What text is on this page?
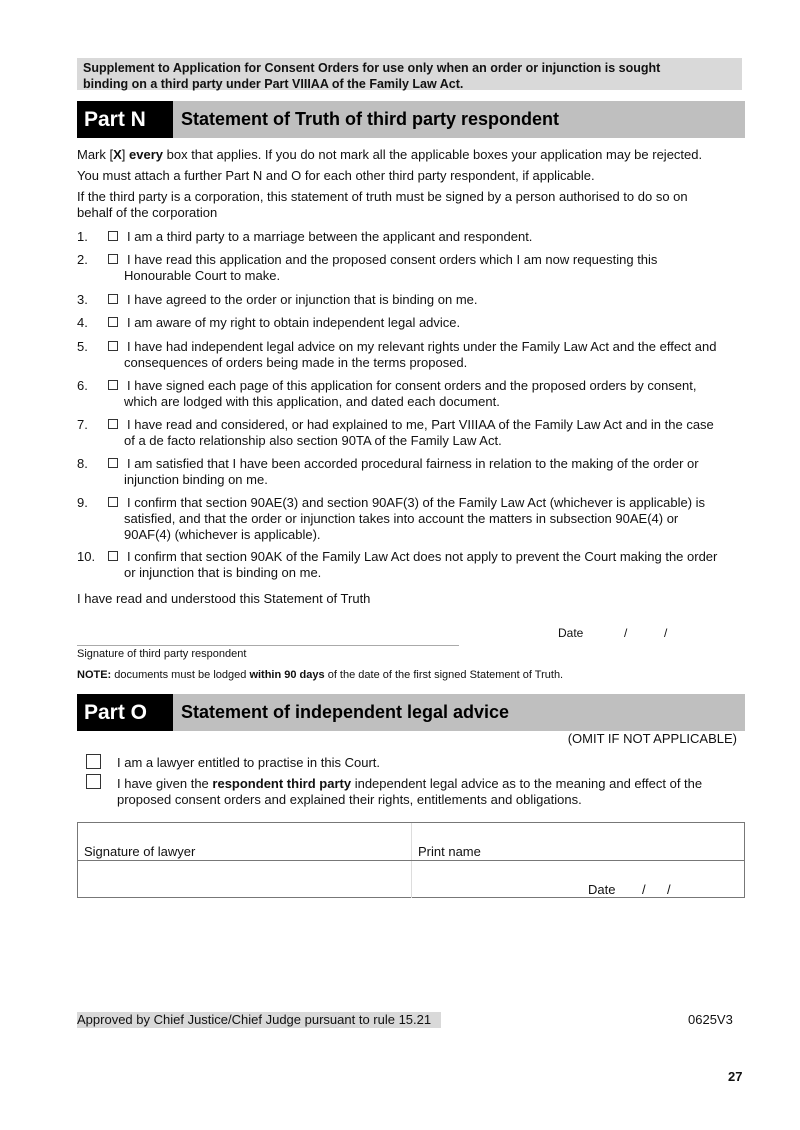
Supplement to Application for Consent Orders for use only when an order or injunction is sought
binding on a third party under Part VIIIAA of the Family Law Act.
Part N	Statement of Truth of third party respondent
Mark [X] every box that applies. If you do not mark all the applicable boxes your application may be rejected.
You must attach a further Part N and O for each other third party respondent, if applicable.
If the third party is a corporation, this statement of truth must be signed by a person authorised to do so on
behalf of the corporation
1.	I am a third party to a marriage between the applicant and respondent.
2.	I have read this application and the proposed consent orders which I am now requesting this
Honourable Court to make.
3.	I have agreed to the order or injunction that is binding on me.
4.	I am aware of my right to obtain independent legal advice.
5.	I have had independent legal advice on my relevant rights under the Family Law Act and the effect and
consequences of orders being made in the terms proposed.
6.	I have signed each page of this application for consent orders and the proposed orders by consent,
which are lodged with this application, and dated each document.
7.	I have read and considered, or had explained to me, Part VIIIAA of the Family Law Act and in the case
of a de facto relationship also section 90TA of the Family Law Act.
8.	I am satisfied that I have been accorded procedural fairness in relation to the making of the order or
injunction binding on me.
9.	I confirm that section 90AE(3) and section 90AF(3) of the Family Law Act (whichever is applicable) is
satisfied, and that the order or injunction takes into account the matters in subsection 90AE(4) or
90AF(4) (whichever is applicable).
10. I confirm that section 90AK of the Family Law Act does not apply to prevent the Court making the order
or injunction that is binding on me.
I have read and understood this Statement of Truth
Date	/	/
Signature of third party respondent
NOTE: documents must be lodged within 90 days of the date of the first signed Statement of Truth.
Part O	Statement of independent legal advice
(OMIT IF NOT APPLICABLE)
I am a lawyer entitled to practise in this Court.
I have given the respondent third party independent legal advice as to the meaning and effect of the
proposed consent orders and explained their rights, entitlements and obligations.
Signature of lawyer	Print name
Date / /
Approved by Chief Justice/Chief Judge pursuant to rule 15.21	0625V3
27
